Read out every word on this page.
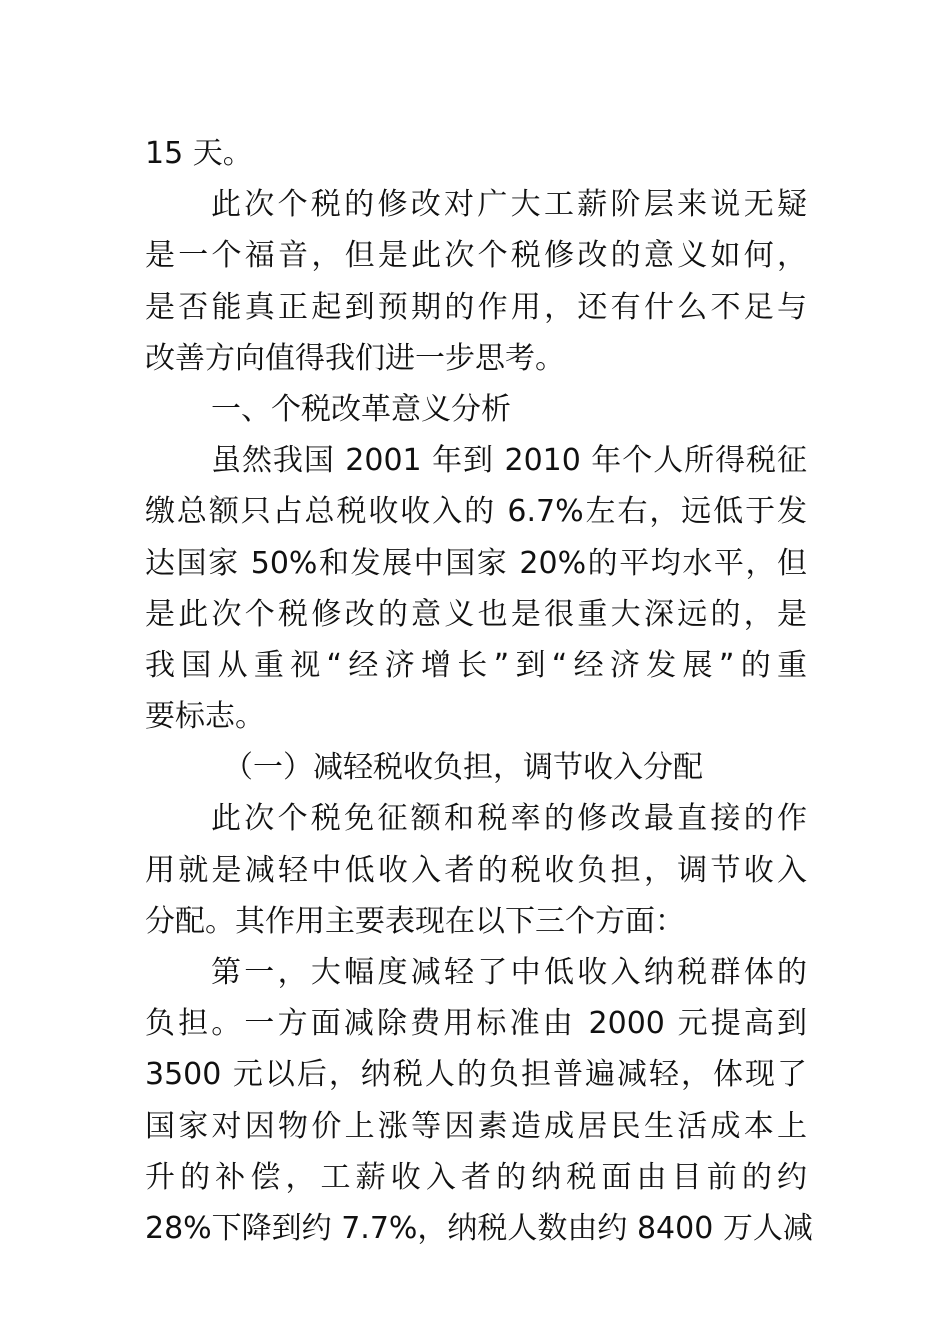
15 天。
此次个税的修改对广大工薪阶层来说无疑
是一个福音，但是此次个税修改的意义如何，
是否能真正起到预期的作用，还有什么不足与
改善方向值得我们进一步思考。
一、个税改革意义分析
虽然我国 2001 年到 2010 年个人所得税征
缴总额只占总税收收入的 6.7%左右，远低于发
达国家 50%和发展中国家 20%的平均水平，但
是此次个税修改的意义也是很重大深远的，是
我国从重视“经济增长”到“经济发展”的重
要标志。
（一）减轻税收负担，调节收入分配
此次个税免征额和税率的修改最直接的作
用就是减轻中低收入者的税收负担，调节收入
分配。其作用主要表现在以下三个方面：
第一，大幅度减轻了中低收入纳税群体的
负担。一方面减除费用标准由 2000 元提高到
3500 元以后，纳税人的负担普遍减轻，体现了
国家对因物价上涨等因素造成居民生活成本上
升的补偿，工薪收入者的纳税面由目前的约
28%下降到约 7.7%，纳税人数由约 8400 万人减
